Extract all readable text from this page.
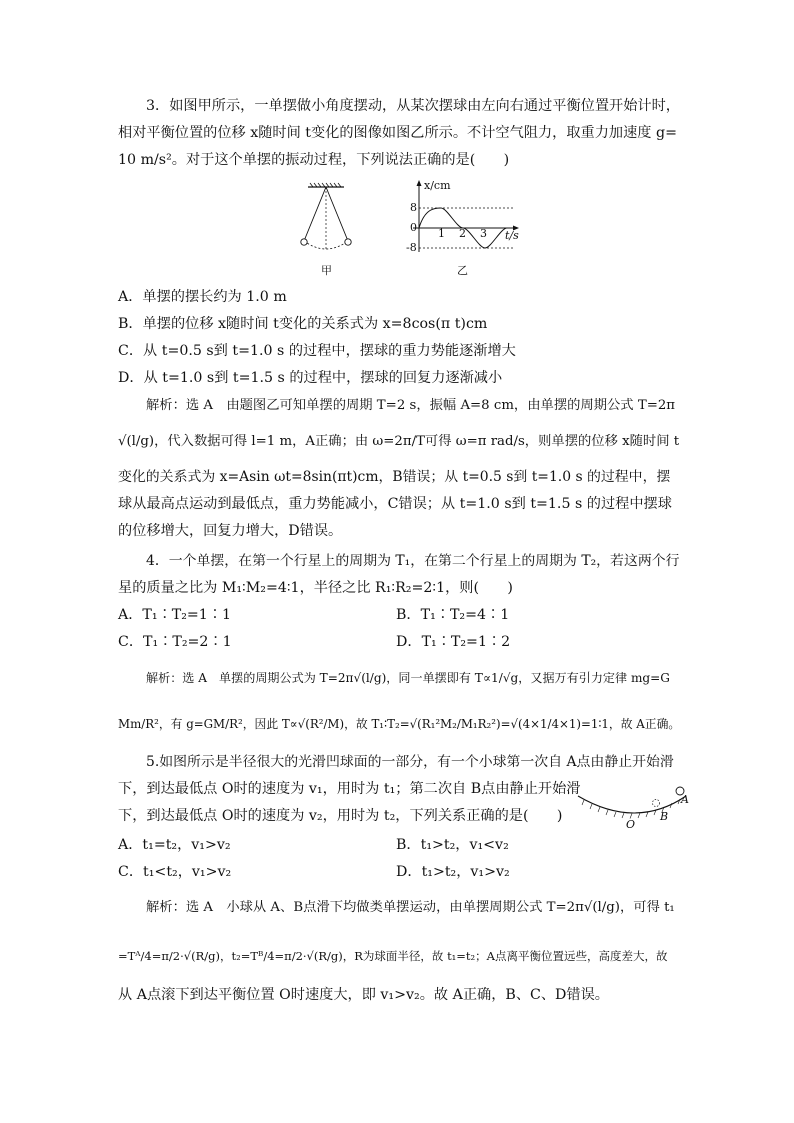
3．如图甲所示，一单摆做小角度摆动，从某次摆球由左向右通过平衡位置开始计时，
相对平衡位置的位移 x随时间 t变化的图像如图乙所示。不计空气阻力，取重力加速度 g=
10 m/s²。对于这个单摆的振动过程，下列说法正确的是(　　)
甲
x/cm
t/s
8
0
-8
1 2 3
乙
A．单摆的摆长约为 1.0 m
B．单摆的位移 x随时间 t变化的关系式为 x=8cos(π t)cm
C．从 t=0.5 s到 t=1.0 s 的过程中，摆球的重力势能逐渐增大
D．从 t=1.0 s到 t=1.5 s 的过程中，摆球的回复力逐渐减小
解析：选 A　由题图乙可知单摆的周期 T=2 s，振幅 A=8 cm，由单摆的周期公式 T=2π
√(l/g)，代入数据可得 l=1 m，A正确；由 ω=2π/T可得 ω=π rad/s，则单摆的位移 x随时间 t
变化的关系式为 x=Asin ωt=8sin(πt)cm，B错误；从 t=0.5 s到 t=1.0 s 的过程中，摆
球从最高点运动到最低点，重力势能减小，C错误；从 t=1.0 s到 t=1.5 s 的过程中摆球
的位移增大，回复力增大，D错误。
4．一个单摆，在第一个行星上的周期为 T₁，在第二个行星上的周期为 T₂，若这两个行
星的质量之比为 M₁∶M₂=4∶1，半径之比 R₁∶R₂=2∶1，则(　　)
A．T₁∶T₂=1∶1	B．T₁∶T₂=4∶1
C．T₁∶T₂=2∶1	D．T₁∶T₂=1∶2
解析：选 A　单摆的周期公式为 T=2π√(l/g)，同一单摆即有 T∝1/√g，又据万有引力定律 mg=G
Mm/R²，有 g=GM/R²，因此 T∝√(R²/M)，故 T₁∶T₂=√(R₁²M₂/M₁R₂²)=√(4×1/4×1)=1∶1，故 A正确。
5.如图所示是半径很大的光滑凹球面的一部分，有一个小球第一次自 A点由静止开始滑
下，到达最低点 O时的速度为 v₁，用时为 t₁；第二次自 B点由静止开始滑
下，到达最低点 O时的速度为 v₂，用时为 t₂，下列关系正确的是(　　)
O
B
A
A．t₁=t₂，v₁>v₂	B．t₁>t₂，v₁<v₂
C．t₁<t₂，v₁>v₂	D．t₁>t₂，v₁>v₂
解析：选 A　小球从 A、B点滑下均做类单摆运动，由单摆周期公式 T=2π√(l/g)，可得 t₁
=Tᴬ/4=π/2·√(R/g)，t₂=Tᴮ/4=π/2·√(R/g)，R为球面半径，故 t₁=t₂；A点离平衡位置远些，高度差大，故
从 A点滚下到达平衡位置 O时速度大，即 v₁>v₂。故 A正确，B、C、D错误。
